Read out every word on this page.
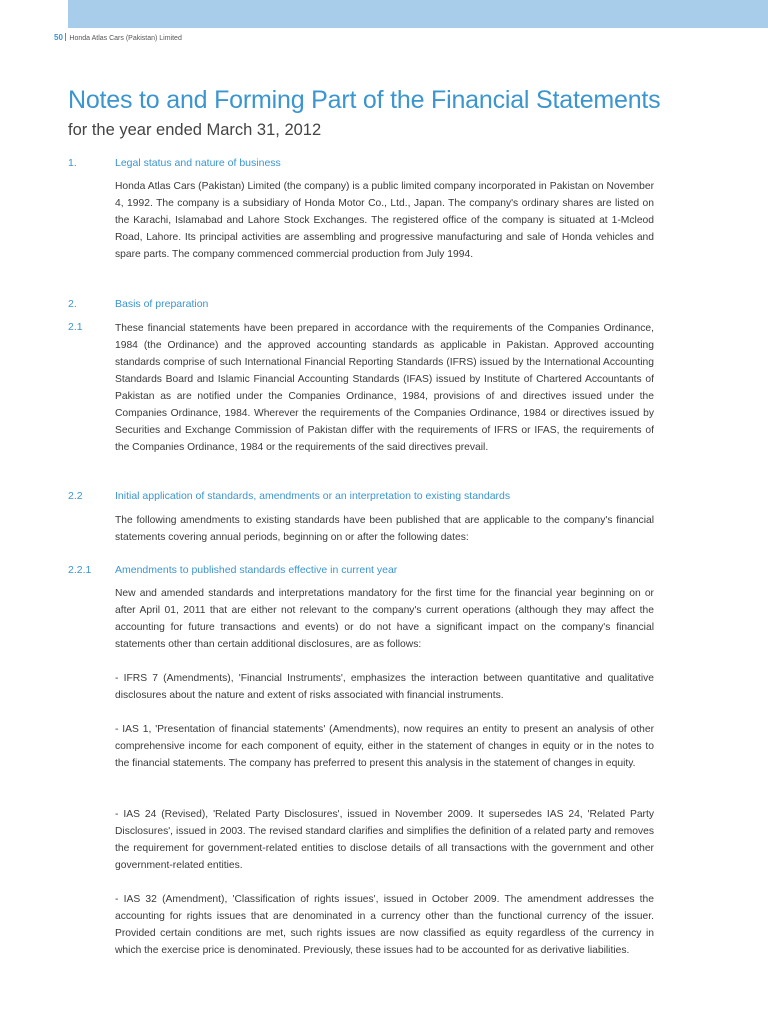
50 Honda Atlas Cars (Pakistan) Limited
Notes to and Forming Part of the Financial Statements
for the year ended March 31, 2012
1.	Legal status and nature of business

Honda Atlas Cars (Pakistan) Limited (the company) is a public limited company incorporated in Pakistan on November 4, 1992. The company is a subsidiary of Honda Motor Co., Ltd., Japan. The company's ordinary shares are listed on the Karachi, Islamabad and Lahore Stock Exchanges. The registered office of the company is situated at 1-Mcleod Road, Lahore. Its principal activities are assembling and progressive manufacturing and sale of Honda vehicles and spare parts. The company commenced commercial production from July 1994.

2.	Basis of preparation
2.1	These financial statements have been prepared in accordance with the requirements of the Companies Ordinance, 1984 (the Ordinance) and the approved accounting standards as applicable in Pakistan. Approved accounting standards comprise of such International Financial Reporting Standards (IFRS) issued by the International Accounting Standards Board and Islamic Financial Accounting Standards (IFAS) issued by Institute of Chartered Accountants of Pakistan as are notified under the Companies Ordinance, 1984, provisions of and directives issued under the Companies Ordinance, 1984. Wherever the requirements of the Companies Ordinance, 1984 or directives issued by Securities and Exchange Commission of Pakistan differ with the requirements of IFRS or IFAS, the requirements of the Companies Ordinance, 1984 or the requirements of the said directives prevail.

2.2	Initial application of standards, amendments or an interpretation to existing standards

The following amendments to existing standards have been published that are applicable to the company's financial statements covering annual periods, beginning on or after the following dates:

2.2.1 Amendments to published standards effective in current year

New and amended standards and interpretations mandatory for the first time for the financial year beginning on or after April 01, 2011 that are either not relevant to the company's current operations (although they may affect the accounting for future transactions and events) or do not have a significant impact on the company's financial statements other than certain additional disclosures, are as follows:

- IFRS 7 (Amendments), 'Financial Instruments', emphasizes the interaction between quantitative and qualitative disclosures about the nature and extent of risks associated with financial instruments.

- IAS 1, 'Presentation of financial statements' (Amendments), now requires an entity to present an analysis of other comprehensive income for each component of equity, either in the statement of changes in equity or in the notes to the financial statements. The company has preferred to present this analysis in the statement of changes in equity.

- IAS 24 (Revised), 'Related Party Disclosures', issued in November 2009. It supersedes IAS 24, 'Related Party Disclosures', issued in 2003. The revised standard clarifies and simplifies the definition of a related party and removes the requirement for government-related entities to disclose details of all transactions with the government and other government-related entities.

- IAS 32 (Amendment), 'Classification of rights issues', issued in October 2009. The amendment addresses the accounting for rights issues that are denominated in a currency other than the functional currency of the issuer. Provided certain conditions are met, such rights issues are now classified as equity regardless of the currency in which the exercise price is denominated. Previously, these issues had to be accounted for as derivative liabilities.
